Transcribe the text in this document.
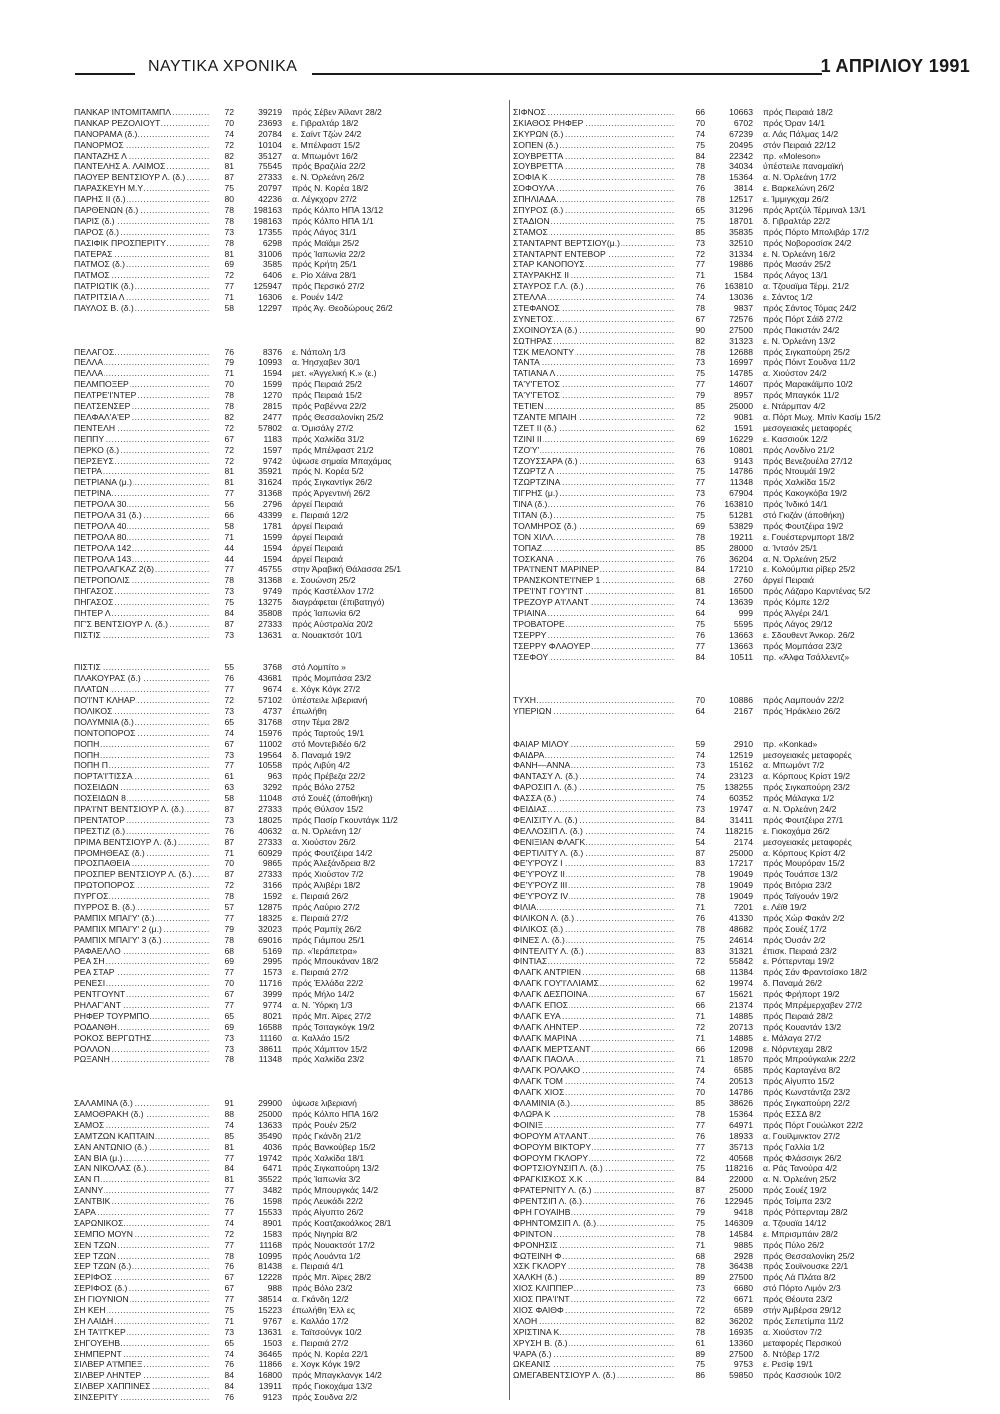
ΝΑΥΤΙΚΑ ΧΡΟΝΙΚΑ	1 ΑΠΡΙΛΙΟΥ 1991
ΠΑΝΚΑΡ ΙΝΤΟΜΙΤΑΜΠΛ .....	72	39219	πρός Σέβεν Άϊλαντ 28/2
ΠΑΝΚΑΡ ΡΕΖΟΛΙΟΥΤ .....	70	23693	ε. Γιβραλτάρ 18/2
ΠΑΝΟΡΑΜΑ (δ.) .....	74	20784	ε. Σαίντ Τζών 24/2
ΠΑΝΟΡΜΟΣ .....	72	10104	ε. Μπέλφαστ 15/2
ΠΑΝΤΑΖΗΣ Λ .....	82	35127	α. Μπωμόντ 16/2
ΠΑΝΤΕΛΗΣ Α. ΛΑΙΜΟΣ .....	81	75545	πρός Βραζιλία 22/2
ΠΑΟΥΕΡ ΒΕΝΤΣΙΟΥΡ Λ. (δ.) .....	87	27333	ε. Ν. Όρλεάνη 26/2
ΠΑΡΑΣΚΕΥΗ Μ.Υ .....	75	20797	πρός Ν. Κορέα 18/2
ΠΑΡΗΣ ΙΙ (δ.) .....	80	42236	α. Λέγκχορν 27/2
ΠΑΡΘΕΝΩΝ (δ.) .....	78	198163	πρός Κόλπο ΗΠΑ 13/12
ΠΑΡΙΣ (δ.) .....	78	198163	πρός Κόλπο ΗΠΑ 1/1
ΠΑΡΟΣ (δ.) .....	73	17355	πρός Λάγος 31/1
ΠΑΣΙΦΙΚ ΠΡΟΣΠΕΡΙΤΥ .....	78	6298	πρός Μαϊάμι 25/2
ΠΑΤΕΡΑΣ .....	81	31006	πρός Ίαπωνία 22/2
ΠΑΤΜΟΣ (δ.) .....	69	3585	πρός Κρήτη 25/1
ΠΑΤΜΟΣ .....	72	6406	ε. Ρίο Χάϊνα 28/1
ΠΑΤΡΙΩΤΙΚ (δ.) .....	77	125947	πρός Περσικό 27/2
ΠΑΤΡΙΤΣΙΑ Λ .....	71	16306	ε. Ρουέν 14/2
ΠΑΥΛΟΣ Β. (δ.) .....	58	12297	πρός Άγ. Θεοδώρους 26/2
ΠΕΛΑΓΟΣ .....	76	8376	ε. Νάπολη 1/3
ΠΕΛΛΑ .....	79	10993	α. Ήησχαβεν 30/1
ΠΕΛΛΑ .....	71	1594	μετ. «Άγγελική Κ.» (ε.)
ΠΕΛΜΠΟΞΕΡ .....	70	1599	πρός Πειραιά 25/2
ΠΕΛΤΡΕ'Ι'ΝΤΕΡ .....	78	1270	πρός Πειραιά 15/2
ΠΕΛΤΣΕΝΣΕΡ .....	78	2815	πρός Ραβέννα 22/2
ΠΕΛΦΑΛ'Α'ΕΡ .....	82	2477	πρός Θεσσαλονίκη 25/2
ΠΕΝΤΕΛΗ .....	72	57802	α. Όμισάλγ 27/2
ΠΕΠΠΥ .....	67	1183	πρός Χαλκίδα 31/2
ΠΕΡΚΟ (δ.) .....	72	1597	πρός Μπέλφαστ 21/2
ΠΕΡΣΕΥΣ .....	72	9742	ύψωσε σημαία Μπαχάμας
ΠΕΤΡΑ .....	81	35921	πρός Ν. Κορέα 5/2
ΠΕΤΡΙΑΝΑ (μ.) .....	81	31624	πρός Σιγκαντίγκ 26/2
ΠΕΤΡΙΝΑ .....	77	31368	πρός Άργεντινή 26/2
ΠΕΤΡΟΛΑ 30 .....	56	2796	άργεί Πειραιά
ΠΕΤΡΟΛΑ 31 (δ.) .....	66	43399	ε. Πειραιά 12/2
ΠΕΤΡΟΛΑ 40 .....	58	1781	άργεί Πειραιά
ΠΕΤΡΟΛΑ 80 .....	71	1599	άργεί Πειραιά
ΠΕΤΡΟΛΑ 142 .....	44	1594	άργεί Πειραιά
ΠΕΤΡΟΛΑ 143 .....	44	1594	άργεί Πειραιά
ΠΕΤΡΟΛΑΓΚΑΖ 2(δ) .....	77	45755	στην Άραβική Θάλασσα 25/1
ΠΕΤΡΟΠΟΛΙΣ .....	78	31368	ε. Σουώνση 25/2
ΠΗΓΑΣΟΣ .....	73	9749	πρός Καστέλλον 17/2
ΠΗΓΑΣΟΣ .....	75	13275	διαγράφεται (έπιβατηγό)
ΠΗΤΕΡ Λ .....	84	35808	πρός Ίαπωνία 6/2
ΠΓ'Σ ΒΕΝΤΣΙΟΥΡ Λ. (δ.) .....	87	27333	πρός Αύστραλία 20/2
ΠΙΣΤΙΣ .....	73	13631	α. Νουακτσότ 10/1
ΠΙΣΤΙΣ .....	55	3768	στό Λομπίτο »
ΠΛΑΚΟΥΡΑΣ (δ.) .....	76	43681	πρός Μομπάσα 23/2
ΠΛΑΤΩΝ .....	77	9674	ε. Χόγκ Κόγκ 27/2
ΠΟ'Ι'ΝΤ ΚΛΗΑΡ .....	72	57102	ύπέστειλε λιβεριανή
ΠΟΛΙΚΟΣ .....	73	4737	έπωλήθη
ΠΟΛΥΜΝΙΑ (δ.) .....	65	31768	στην Τέμα 28/2
ΠΟΝΤΟΠΟΡΟΣ .....	74	15976	πρός Ταρτούς 19/1
ΠΟΠΗ .....	67	11002	στό Μοντεβιδέο 6/2
ΠΟΠΗ .....	73	19564	δ. Παναμά 19/2
ΠΟΠΗ Π .....	77	10558	πρός Λιβύη 4/2
ΠΟΡΤΑ'Ι'ΤΙΣΣΑ .....	61	963	πρός Πρέβεζα 22/2
ΠΟΣΕΙΔΩΝ .....	63	3292	πρός Βόλο 2752
ΠΟΣΕΙΔΩΝ 8 .....	58	11048	στό Σουέζ (άποθήκη)
ΠΡΑ'Ι'ΝΤ ΒΕΝΤΣΙΟΥΡ Λ. (δ.) .....	87	27333	πρός Θύλσον 15/2
ΠΡΕΝΤΑΤΟΡ .....	73	18025	πρός Πασίρ Γκουντάγκ 11/2
ΠΡΕΣΤΙΖ (δ.) .....	76	40632	α. Ν. Όρλεάνη 12/
ΠΡΙΜΑ ΒΕΝΤΣΙΟΥΡ Λ. (δ.) .....	87	27333	α. Χιούστον 26/2
ΠΡΟΜΗΘΕΑΣ (δ.) .....	71	60929	πρός Φουτζέιρα 14/2
ΠΡΟΣΠΑΘΕΙΑ .....	70	9865	πρός Άλεξάνδρεια 8/2
ΠΡΟΣΠΕΡ ΒΕΝΤΣΙΟΥΡ Λ. (δ.) .....	87	27333	πρός Χιούστον 7/2
ΠΡΩΤΟΠΟΡΟΣ .....	72	3166	πρός Άλιβέρι 18/2
ΠΥΡΓΟΣ .....	78	1592	ε. Πειραιά 26/2
ΠΥΡΡΟΣ Β. (δ.) .....	57	12875	πρός Λαύριο 27/2
ΡΑΜΠΙΧ ΜΠΑΙ'Υ' (δ.) .....	77	18325	ε. Πειραιά 27/2
ΡΑΜΠΙΧ ΜΠΑΙ'Υ' 2 (μ.) .....	79	32023	πρός Ραμπίχ 26/2
ΡΑΜΠΙΧ ΜΠΑΙ'Υ' 3 (δ.) .....	78	69016	πρός Γιάμπου 25/1
ΡΑΦΑΕΛΛΟ .....	68	5169	πρ. «Ίεράπετρα»
ΡΕΑ ΣΗ .....	69	2995	πρός Μπουκάναν 18/2
ΡΕΑ ΣΤΑΡ .....	77	1573	ε. Πειραιά 27/2
ΡΕΝΕΣΙ .....	70	11716	πρός Έλλάδα 22/2
ΡΕΝΤΓΟΥΝΤ .....	67	3999	πρός Μήλο 14/2
ΡΗΛΑΓ'ΑΝΤ .....	77	9774	α. Ν. Ύόρκη 1/3
ΡΗΦΕΡ ΤΟΥΡΜΠΟ .....	65	8021	πρός Μπ. Άϊρες 27/2
ΡΟΔΑΝΘΗ .....	69	16588	πρός Τσιταγκόγκ 19/2
ΡΟΚΟΣ ΒΕΡΓΩΤΗΣ .....	73	11160	α. Καλλάο 15/2
ΡΟΛΛΟΝ .....	73	38611	πρός Χάμπτον 15/2
ΡΩΞΑΝΗ .....	78	11348	πρός Χαλκίδα 23/2
ΣΑΛΑΜΙΝΑ (δ.) .....	91	29900	ύψωσε λιβεριανή
ΣΑΜΟΘΡΑΚΗ (δ.) .....	88	25000	πρός Κόλπο ΗΠΑ 16/2
ΣΑΜΟΣ .....	74	13633	πρός Ρουέν 25/2
ΣΑΜΤΖΩΝ ΚΑΠΤΑΙΝ .....	85	35490	πρός Γκάνδη 21/2
ΣΑΝ ΑΝΤΩΝΙΟ (δ.) .....	81	4036	πρός Βανκούβερ 15/2
ΣΑΝ ΒΙΑ (μ.) .....	77	19742	πρός Χαλκίδα 18/1
ΣΑΝ ΝΙΚΟΛΑΣ (δ.) .....	84	6471	πρός Σιγκαπούρη 13/2
ΣΑΝ Π .....	81	35522	πρός Ίαπωνία 3/2
ΣΑΝΝΥ .....	77	3482	πρός Μπουργκάς 14/2
ΣΑΝΤΒΙΚ .....	76	1598	πρός Λευκάδι 22/2
ΣΑΡΑ .....	77	15533	πρός Αίγυπτο 26/2
ΣΑΡΩΝΙΚΟΣ .....	74	8901	πρός Κοατζακοάλκος 28/1
ΣΕΜΠΟ ΜΟΥΝ .....	72	1583	πρός Νιγηρία 8/2
ΣΕΝ ΤΖΩΝ .....	77	11168	πρός Νουακτσότ 17/2
ΣΕΡ ΤΖΩΝ .....	78	10995	πρός Λουάντα 1/2
ΣΕΡ ΤΖΩΝ (δ.) .....	76	81438	ε. Πειραιά 4/1
ΣΕΡΙΦΟΣ .....	67	12228	πρός Μπ. Άϊρες 28/2
ΣΕΡΙΦΟΣ (δ.) .....	67	988	πρός Βόλο 23/2
ΣΗ ΓΙΟΥΝΙΟΝ .....	77	38514	α. Γκάνδη 12/2
ΣΗ ΚΕΗ .....	75	15223	έπωλήθη Έλλ ες
ΣΗ ΛΑΙΔΗ .....	71	9767	ε. Καλλάο 17/2
ΣΗ ΤΑ'Ι'ΓΚΕΡ .....	73	13631	ε. Ταϊτσούνγκ 10/2
ΣΗΓΟΥΕΗΒ .....	65	1503	ε. Πειραιά 27/2
ΣΗΜΠΕΡΝΤ .....	74	36465	πρός Ν. Κορέα 22/1
ΣΙΛΒΕΡ Α'Ι'ΜΠΕΞ .....	76	11866	ε. Χογκ Κόγκ 19/2
ΣΙΛΒΕΡ ΛΗΝΤΕΡ .....	84	16800	πρός Μπαγκλανγκ 14/2
ΣΙΛΒΕΡ ΧΑΠΠΙΝΕΣ .....	84	13911	πρός Γιοκοχάμα 13/2
ΣΙΝΣΕΡΙΤΥ .....	76	9123	πρός Σουδνα 2/2
ΣΙΦΝΟΣ .....	66	10663	πρός Πειραιά 18/2
ΣΚΙΑΘΟΣ ΡΗΦΕΡ .....	70	6702	πρός Όραν 14/1
ΣΚΥΡΩΝ (δ.) .....	74	67239	α. Λάς Πάλμας 14/2
ΣΟΠΕΝ (δ.) .....	75	20495	στόν Πειραιά 22/12
ΣΟΥΒΡΕΤΤΑ .....	84	22342	πρ. «Moleson»
ΣΟΥΒΡΕΤΤΑ .....	78	34034	ύπέστειλε παναμαϊκή
ΣΟΦΙΑ Κ .....	78	15364	α. Ν. Όρλεάνη 17/2
ΣΟΦΟΥΛΑ .....	76	3814	ε. Βαρκελώνη 26/2
ΣΠΗΛΙΑΔΑ .....	78	12517	ε. Ίμμιγκχαμ 26/2
ΣΠΥΡΟΣ (δ.) .....	65	31296	πρός Άρτζύλ Τέρμιναλ 13/1
ΣΤΑΔΙΟΝ .....	75	18701	δ. Γιβραλτάρ 22/2
ΣΤΑΜΟΣ .....	85	35835	πρός Πόρτο Μπολιβάρ 17/2
ΣΤΑΝΤΑΡΝΤ ΒΕΡΤΣΙΟΥ(μ.) .....	73	32510	πρός Νοβοροσίσκ 24/2
ΣΤΑΝΤΑΡΝΤ ΕΝΤΕΒΟΡ .....	72	31334	ε. Ν. Όρλεάνη 16/2
ΣΤΑΡ ΚΑΝΟΠΟΥΣ .....	77	19886	πρός Μασάν 25/2
ΣΤΑΥΡΑΚΗΣ ΙΙ .....	71	1584	πρός Λάγος 13/1
ΣΤΑΥΡΟΣ Γ.Λ. (δ.) .....	76	163810	α. Τζουαϊμα Τέρμ. 21/2
ΣΤΕΛΛΑ .....	74	13036	ε. Σάντος 1/2
ΣΤΕΦΑΝΟΣ .....	78	9837	πρός Σάντος Τόμας 24/2
ΣΥΝΕΤΟΣ .....	67	72576	πρός Πόρτ Σάϊδ 27/2
ΣΧΟΙΝΟΥΣΑ (δ.) .....	90	27500	πρός Πακιστάν 24/2
ΣΩΤΗΡΑΣ .....	82	31323	ε. Ν. Όρλεάνη 13/2
ΤΣΚ ΜΕΛΟΝΤΥ .....	78	12688	πρός Σιγκαπούρη 25/2
ΤΑΝΤΑ .....	73	16997	πρός Πόιντ Σουδνα 11/2
ΤΑΤΙΑΝΑ Λ .....	75	14785	α. Χιούστον 24/2
ΤΑ'Υ'ΓΕΤΟΣ .....	77	14607	πρός Μαρακάϊμπο 10/2
ΤΑ'Υ'ΓΕΤΟΣ .....	79	8957	πρός Μπαγκόκ 11/2
ΤΕΤΙΕΝ .....	85	25000	ε. Ντάρμπαν 4/2
ΤΖΑΝΤΕ ΜΠΑΙΗ .....	72	9081	α. Πόρτ Μωχ. Μπίν Κασίμ 15/2
ΤΖΕΤ ΙΙ (δ.) .....	62	1591	μεσογειακές μεταφορές
ΤΖΙΝΙ ΙΙ .....	69	16229	ε. Κασσιούκ 12/2
ΤΖΟ'Υ' .....	76	10801	πρός Λονδίνο 21/2
ΤΖΟΥΣΣΑΡΑ (δ.) .....	63	9143	πρός Βενεζουέλα 27/12
ΤΖΩΡΤΖ Λ .....	75	14786	πρός Ντουμάϊ 19/2
ΤΖΩΡΤΖΙΝΑ .....	77	11348	πρός Χαλκίδα 15/2
ΤΙΓΡΗΣ (μ.) .....	73	67904	πρός Κακογκόβα 19/2
ΤΙΝΑ (δ.) .....	76	163810	πρός Ίνδικό 14/1
ΤΙΤΑΝ (δ.) .....	75	51281	στό Γκιζάν (άποθήκη)
ΤΟΛΜΗΡΟΣ (δ.) .....	69	53829	πρός Φουτζέιρα 19/2
ΤΟΝ ΧΙΛΛ .....	78	19211	ε. Γουέστερνμπορτ 18/2
ΤΟΠΑΖ .....	85	28000	α. Ίντσόν 25/1
ΤΟΣΚΑΝΑ .....	76	36204	α. Ν. Όρλεάνη 25/2
ΤΡΑ'Ι'ΝΕΝΤ ΜΑΡΙΝΕΡ .....	84	17210	ε. Κολούμπια ρίβερ 25/2
ΤΡΑΝΣΚΟΝΤΕ'Ι'ΝΕΡ 1 .....	68	2760	άργεί Πειραιά
ΤΡΕ'Ι'ΝΤ ΓΟΥ'Ι'ΝΤ .....	81	16500	πρός Λάζαρο Καρντένας 5/2
ΤΡΕΖΟΥΡ Α'Ι'ΛΑΝΤ .....	74	13639	πρός Κόμπε 12/2
ΤΡΙΑΙΝΑ .....	64	999	πρός Άλγέρι 24/1
ΤΡΟΒΑΤΟΡΕ .....	75	5595	πρός Λάγος 29/12
ΤΣΕΡΡΥ .....	76	13663	ε. Σδουθεντ Άνκορ. 26/2
ΤΣΕΡΡΥ ΦΛΑΟΥΕΡ .....	77	13663	πρός Μομπάσα 23/2
ΤΣΕΦΟΥ .....	84	10511	πρ. «Άλφα Τσάλλεντζ»
ΤΥΧΗ .....	70	10886	πρός Λαμπουάν 22/2
ΥΠΕΡΙΩΝ .....	64	2167	πρός Ήράκλειο 26/2
ΦΑΙΑΡ ΜΙΛΟΥ .....	59	2910	πρ. «Konkad»
ΦΑΙΔΡΑ .....	74	12519	μεσογειακές μεταφορές
ΦΑΝΗ—ΑΝΝΑ .....	73	15162	α. Μπωμόντ 7/2
ΦΑΝΤΑΣΥ Λ. (δ.) .....	74	23123	α. Κόρπους Κρίστ 19/2
ΦΑΡΟΣΙΠ Λ. (δ.) .....	75	138255	πρός Σιγκαπούρη 23/2
ΦΑΣΣΑ (δ.) .....	74	60352	πρός Μάλαγκα 1/2
ΦΕΙΔΙΑΣ .....	73	19747	α. Ν. Όρλεάνη 24/2
ΦΕΛΙΣΙΤΥ Λ. (δ.) .....	84	31411	πρός Φουτζέιρα 27/1
ΦΕΛΛΟΣΙΠ Λ. (δ.) .....	74	118215	ε. Γιοκοχάμα 26/2
ΦΕΝΙΞΙΑΝ ΦΛΑΓΚ .....	54	2174	μεσογειακές μεταφορές
ΦΕΡΤΙΛΙΤΥ Λ. (δ.) .....	87	25000	α. Κόρπους Κρίστ 4/2
ΦΕ'Υ'ΡΟΥΖ Ι .....	83	17217	πρός Μουρόραν 15/2
ΦΕ'Υ'ΡΟΥΖ ΙΙ .....	78	19049	πρός Τουάπσε 13/2
ΦΕ'Υ'ΡΟΥΖ ΙΙΙ .....	78	19049	πρός Βιτόρια 23/2
ΦΕ'Υ'ΡΟΥΖ ΙV .....	78	19049	πρός Ταϊγουάν 19/2
ΦΙΛΙΑ .....	71	7201	ε. Λέϊθ 19/2
ΦΙΛΙΚΟΝ Λ. (δ.) .....	76	41330	πρός Χώρ Φακάν 2/2
ΦΙΛΙΚΟΣ (δ.) .....	78	48682	πρός Σουέζ 17/2
ΦΙΝΕΣ Λ. (δ.) .....	75	24614	πρός Όυσάν 2/2
ΦΙΝΤΕΛΙΤΥ Λ. (δ.) .....	83	31321	έπισκ. Πειραιά 23/2
ΦΙΝΤΙΑΣ .....	72	55842	ε. Ρόττερνταμ 19/2
ΦΛΑΓΚ ΑΝΤΡΙΕΝ .....	68	11384	πρός Σάν Φραντσίσκο 18/2
ΦΛΑΓΚ ΓΟΥ'Ι'ΛΛΙΑΜΣ .....	62	19974	δ. Παναμά 26/2
ΦΛΑΓΚ ΔΕΣΠΟΙΝΑ .....	67	15621	πρός Φρήπορτ 19/2
ΦΛΑΓΚ ΕΠΟΣ .....	66	21374	πρός Μπρέμερχαβεν 27/2
ΦΛΑΓΚ ΕΥΑ .....	71	14885	πρός Πειραιά 28/2
ΦΛΑΓΚ ΛΗΝΤΕΡ .....	72	20713	πρός Κουαντάν 13/2
ΦΛΑΓΚ ΜΑΡΙΝΑ .....	71	14885	ε. Μάλαγα 27/2
ΦΛΑΓΚ ΜΕΡΤΣΑΝΤ .....	66	12098	ε. Νόρντεχαμ 28/2
ΦΛΑΓΚ ΠΑΟΛΑ .....	71	18570	πρός Μπρούγκαλικ 22/2
ΦΛΑΓΚ ΡΟΛΑΚΟ .....	74	6585	πρός Καρταγένα 8/2
ΦΛΑΓΚ ΤΟΜ .....	74	20513	πρός Αίγυπτο 15/2
ΦΛΑΓΚ ΧΙΟΣ .....	70	14786	πρός Κωνστάντζα 23/2
ΦΛΑΜΙΝΙΑ (δ.) .....	85	38626	πρός Σιγκαπούρη 22/2
ΦΛΩΡΑ Κ .....	78	15364	πρός ΕΣΣΔ 8/2
ΦΟΙΝΙΞ .....	77	64971	πρός Πόρτ Γουώλκοτ 22/2
ΦΟΡΟΥΜ Α'Ι'ΛΑΝΤ .....	76	18933	α. Γουϊλμινκτον 27/2
ΦΟΡΟΥΜ ΒΙΚΤΟΡΥ .....	77	35713	πρός Γαλλία 1/2
ΦΟΡΟΥΜ ΓΚΛΟΡΥ .....	72	40568	πρός Φλάσσιγκ 26/2
ΦΟΡΤΣΙΟΥΝΣΙΠ Λ. (δ.) .....	75	118216	α. Ράς Τανούρα 4/2
ΦΡΑΓΚΙΣΚΟΣ Χ.Κ .....	84	22000	α. Ν. Όρλεάνη 25/2
ΦΡΑΤΕΡΝΙΤΥ Λ. (δ.) .....	87	25000	πρός Σουέζ 19/2
ΦΡΕΝΤΣΙΠ Λ. (δ.) .....	76	122945	πρός Τσίμπα 23/2
ΦΡΗ ΓΟΥΑΙΗΒ .....	79	9418	πρός Ρόττερνταμ 28/2
ΦΡΗΝΤΟΜΣΙΠ Λ. (δ.) .....	75	146309	α. Τζουαϊα 14/12
ΦΡΙΝΤΟΝ .....	78	14584	ε. Μπρισμπάιν 28/2
ΦΡΟΝΗΣΙΣ .....	71	9885	πρός Πύλο 26/2
ΦΩΤΕΙΝΗ Φ .....	68	2928	πρός Θεσσαλονίκη 25/2
ΧΣΚ ΓΚΛΟΡΥ .....	78	36438	πρός Σουϊνουσκε 22/1
ΧΑΛΚΗ (δ.) .....	89	27500	πρός Λά Πλάτα 8/2
ΧΙΟΣ ΚΛΙΠΠΕΡ .....	73	6680	στό Πόρτο Λιμόν 2/3
ΧΙΟΣ ΠΡΑ'Ι'ΝΤ .....	72	6671	πρός Θέουτα 23/2
ΧΙΟΣ ΦΑΙΘΦ .....	72	6589	στήν Άμβέρσα 29/12
ΧΛΟΗ .....	82	36202	πρός Σεπετίμπα 11/2
ΧΡΙΣΤΙΝΑ Κ .....	78	16935	α. Χιούστον 7/2
ΧΡΥΣΗ Β. (δ.) .....	61	13360	μεταφορές Περσικού
ΨΑΡΑ (δ.) .....	89	27500	δ. Ντόβερ 17/2
ΩΚΕΑΝΙΣ .....	75	9753	ε. Ρεσίφ 19/1
ΩΜΕΓΑΒΕΝΤΣΙΟΥΡ Λ. (δ.) .....	86	59850	πρός Κασσιούκ 10/2
